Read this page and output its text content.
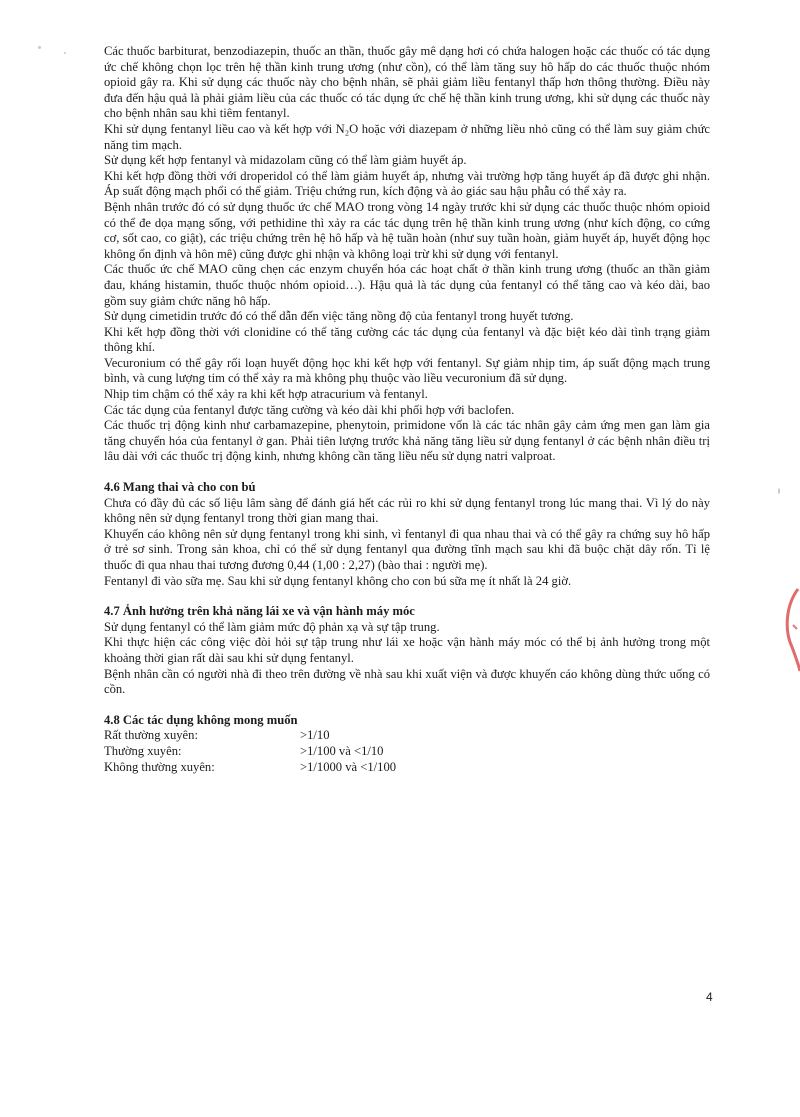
Các thuốc barbiturat, benzodiazepin, thuốc an thần, thuốc gây mê dạng hơi có chứa halogen hoặc các thuốc có tác dụng ức chế không chọn lọc trên hệ thần kinh trung ương (như cồn), có thể làm tăng suy hô hấp do các thuốc thuộc nhóm opioid gây ra. Khi sử dụng các thuốc này cho bệnh nhân, sẽ phải giảm liều fentanyl thấp hơn thông thường. Điều này đưa đến hậu quả là phải giảm liều của các thuốc có tác dụng ức chế hệ thần kinh trung ương, khi sử dụng các thuốc này cho bệnh nhân sau khi tiêm fentanyl.

Khi sử dụng fentanyl liều cao và kết hợp với N₂O hoặc với diazepam ở những liều nhỏ cũng có thể làm suy giảm chức năng tim mạch.

Sử dụng kết hợp fentanyl và midazolam cũng có thể làm giảm huyết áp.

Khi kết hợp đồng thời với droperidol có thể làm giảm huyết áp, nhưng vài trường hợp tăng huyết áp đã được ghi nhận. Áp suất động mạch phổi có thể giảm. Triệu chứng run, kích động và ảo giác sau hậu phẫu có thể xảy ra.

Bệnh nhân trước đó có sử dụng thuốc ức chế MAO trong vòng 14 ngày trước khi sử dụng các thuốc thuộc nhóm opioid có thể đe dọa mạng sống, với pethidine thì xảy ra các tác dụng trên hệ thần kinh trung ương (như kích động, co cứng cơ, sốt cao, co giật), các triệu chứng trên hệ hô hấp và hệ tuần hoàn (như suy tuần hoàn, giảm huyết áp, huyết động học không ổn định và hôn mê) cũng được ghi nhận và không loại trừ khi sử dụng với fentanyl.

Các thuốc ức chế MAO cũng chẹn các enzym chuyển hóa các hoạt chất ở thần kinh trung ương (thuốc an thần giảm đau, kháng histamin, thuốc thuộc nhóm opioid…). Hậu quả là tác dụng của fentanyl có thể tăng cao và kéo dài, bao gồm suy giảm chức năng hô hấp.

Sử dụng cimetidin trước đó có thể dẫn đến việc tăng nồng độ của fentanyl trong huyết tương.

Khi kết hợp đồng thời với clonidine có thể tăng cường các tác dụng của fentanyl và đặc biệt kéo dài tình trạng giảm thông khí.

Vecuronium có thể gây rối loạn huyết động học khi kết hợp với fentanyl. Sự giảm nhịp tim, áp suất động mạch trung bình, và cung lượng tim có thể xảy ra mà không phụ thuộc vào liều vecuronium đã sử dụng.

Nhịp tim chậm có thể xảy ra khi kết hợp atracurium và fentanyl.

Các tác dụng của fentanyl được tăng cường và kéo dài khi phối hợp với baclofen.

Các thuốc trị động kinh như carbamazepine, phenytoin, primidone vốn là các tác nhân gây cảm ứng men gan làm gia tăng chuyển hóa của fentanyl ở gan. Phải tiên lượng trước khả năng tăng liều sử dụng fentanyl ở các bệnh nhân điều trị lâu dài với các thuốc trị động kinh, nhưng không cần tăng liều nếu sử dụng natri valproat.

4.6 Mang thai và cho con bú

Chưa có đầy đủ các số liệu lâm sàng để đánh giá hết các rủi ro khi sử dụng fentanyl trong lúc mang thai. Vì lý do này không nên sử dụng fentanyl trong thời gian mang thai.

Khuyến cáo không nên sử dụng fentanyl trong khi sinh, vì fentanyl đi qua nhau thai và có thể gây ra chứng suy hô hấp ở trẻ sơ sinh. Trong sản khoa, chỉ có thể sử dụng fentanyl qua đường tĩnh mạch sau khi đã buộc chặt dây rốn. Tỉ lệ thuốc đi qua nhau thai tương đương 0,44 (1,00 : 2,27) (bào thai : người mẹ).

Fentanyl đi vào sữa mẹ. Sau khi sử dụng fentanyl không cho con bú sữa mẹ ít nhất là 24 giờ.

4.7 Ảnh hưởng trên khả năng lái xe và vận hành máy móc

Sử dụng fentanyl có thể làm giảm mức độ phản xạ và sự tập trung.

Khi thực hiện các công việc đòi hỏi sự tập trung như lái xe hoặc vận hành máy móc có thể bị ảnh hưởng trong một khoảng thời gian rất dài sau khi sử dụng fentanyl.

Bệnh nhân cần có người nhà đi theo trên đường về nhà sau khi xuất viện và được khuyến cáo không dùng thức uống có cồn.

4.8 Các tác dụng không mong muốn

Rất thường xuyên:	>1/10
Thường xuyên:	>1/100 và <1/10
Không thường xuyên:	>1/1000 và <1/100
4
